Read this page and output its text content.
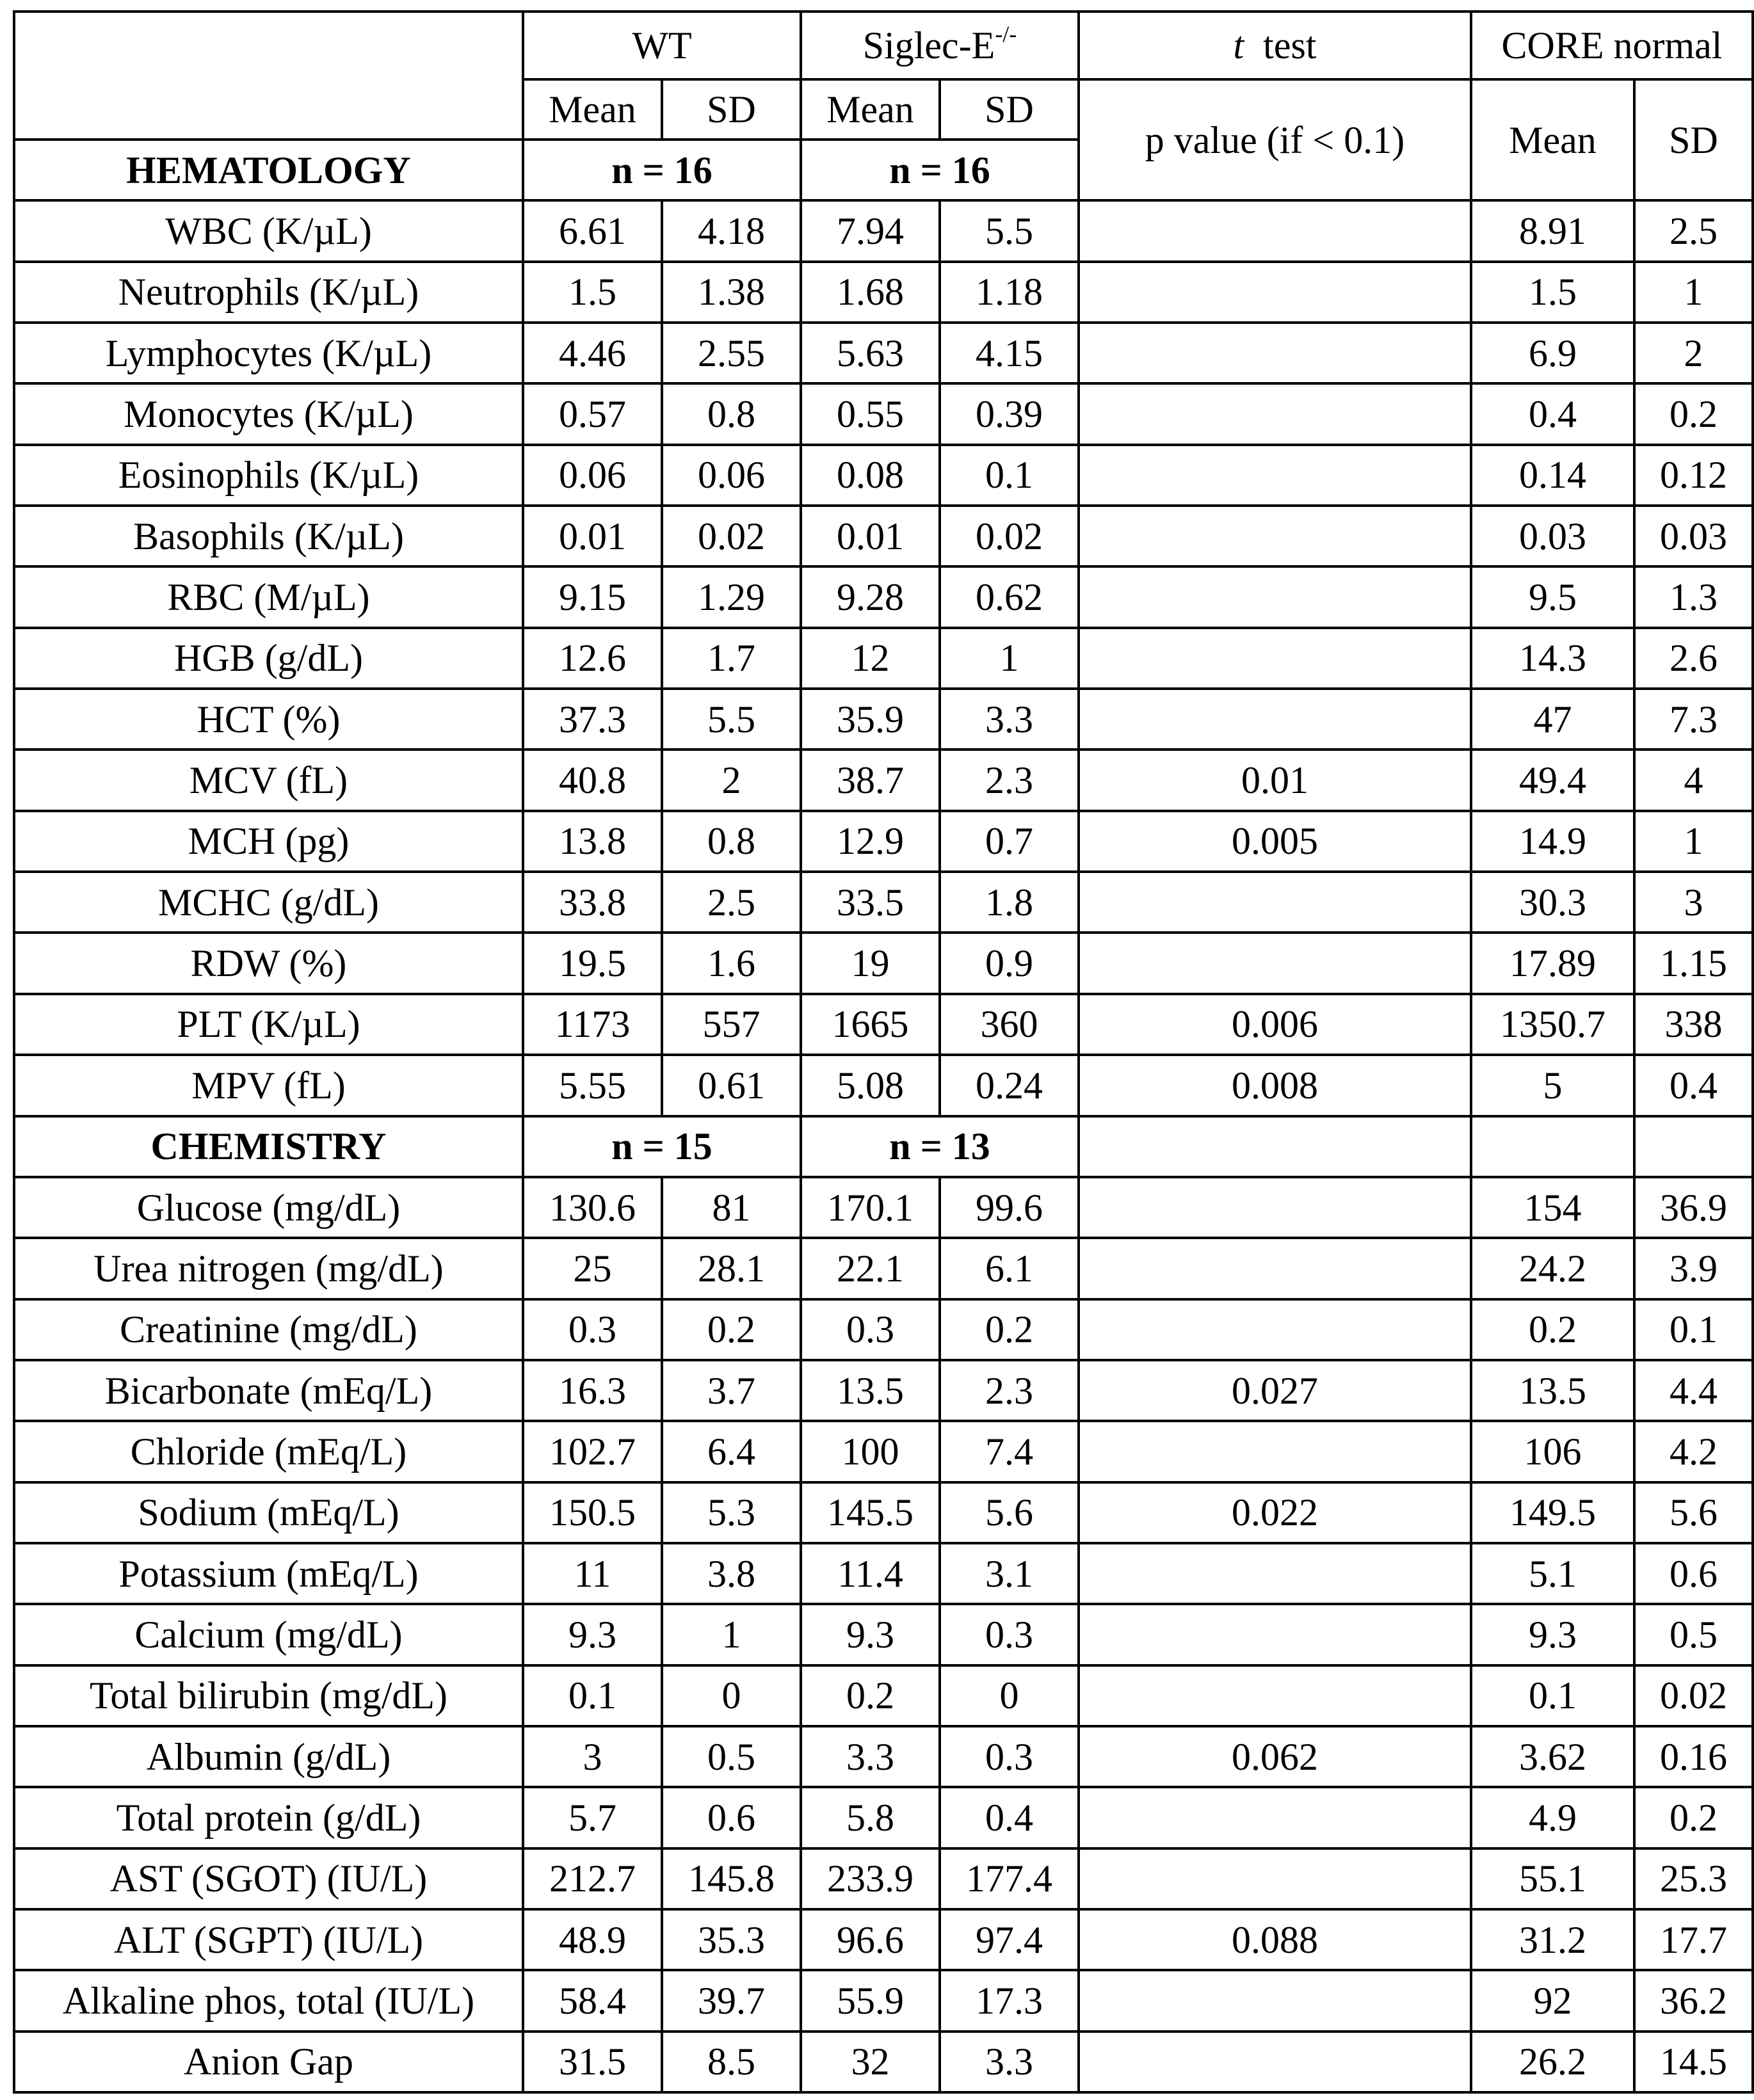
	WT		Siglec-E-/-		t test	CORE normal	
	Mean	SD	Mean	SD	p value (if < 0.1)	Mean	SD
HEMATOLOGY	n = 16		n = 16				
WBC (K/µL)	6.61	4.18	7.94	5.5		8.91	2.5
Neutrophils (K/µL)	1.5	1.38	1.68	1.18		1.5	1
Lymphocytes (K/µL)	4.46	2.55	5.63	4.15		6.9	2
Monocytes (K/µL)	0.57	0.8	0.55	0.39		0.4	0.2
Eosinophils (K/µL)	0.06	0.06	0.08	0.1		0.14	0.12
Basophils (K/µL)	0.01	0.02	0.01	0.02		0.03	0.03
RBC (M/µL)	9.15	1.29	9.28	0.62		9.5	1.3
HGB (g/dL)	12.6	1.7	12	1		14.3	2.6
HCT (%)	37.3	5.5	35.9	3.3		47	7.3
MCV (fL)	40.8	2	38.7	2.3	0.01	49.4	4
MCH (pg)	13.8	0.8	12.9	0.7	0.005	14.9	1
MCHC (g/dL)	33.8	2.5	33.5	1.8		30.3	3
RDW (%)	19.5	1.6	19	0.9		17.89	1.15
PLT (K/µL)	1173	557	1665	360	0.006	1350.7	338
MPV (fL)	5.55	0.61	5.08	0.24	0.008	5	0.4
CHEMISTRY	n = 15		n = 13				
Glucose (mg/dL)	130.6	81	170.1	99.6		154	36.9
Urea nitrogen (mg/dL)	25	28.1	22.1	6.1		24.2	3.9
Creatinine (mg/dL)	0.3	0.2	0.3	0.2		0.2	0.1
Bicarbonate (mEq/L)	16.3	3.7	13.5	2.3	0.027	13.5	4.4
Chloride (mEq/L)	102.7	6.4	100	7.4		106	4.2
Sodium (mEq/L)	150.5	5.3	145.5	5.6	0.022	149.5	5.6
Potassium (mEq/L)	11	3.8	11.4	3.1		5.1	0.6
Calcium (mg/dL)	9.3	1	9.3	0.3		9.3	0.5
Total bilirubin (mg/dL)	0.1	0	0.2	0		0.1	0.02
Albumin (g/dL)	3	0.5	3.3	0.3	0.062	3.62	0.16
Total protein (g/dL)	5.7	0.6	5.8	0.4		4.9	0.2
AST (SGOT) (IU/L)	212.7	145.8	233.9	177.4		55.1	25.3
ALT (SGPT) (IU/L)	48.9	35.3	96.6	97.4	0.088	31.2	17.7
Alkaline phos, total (IU/L)	58.4	39.7	55.9	17.3		92	36.2
Anion Gap	31.5	8.5	32	3.3		26.2	14.5
